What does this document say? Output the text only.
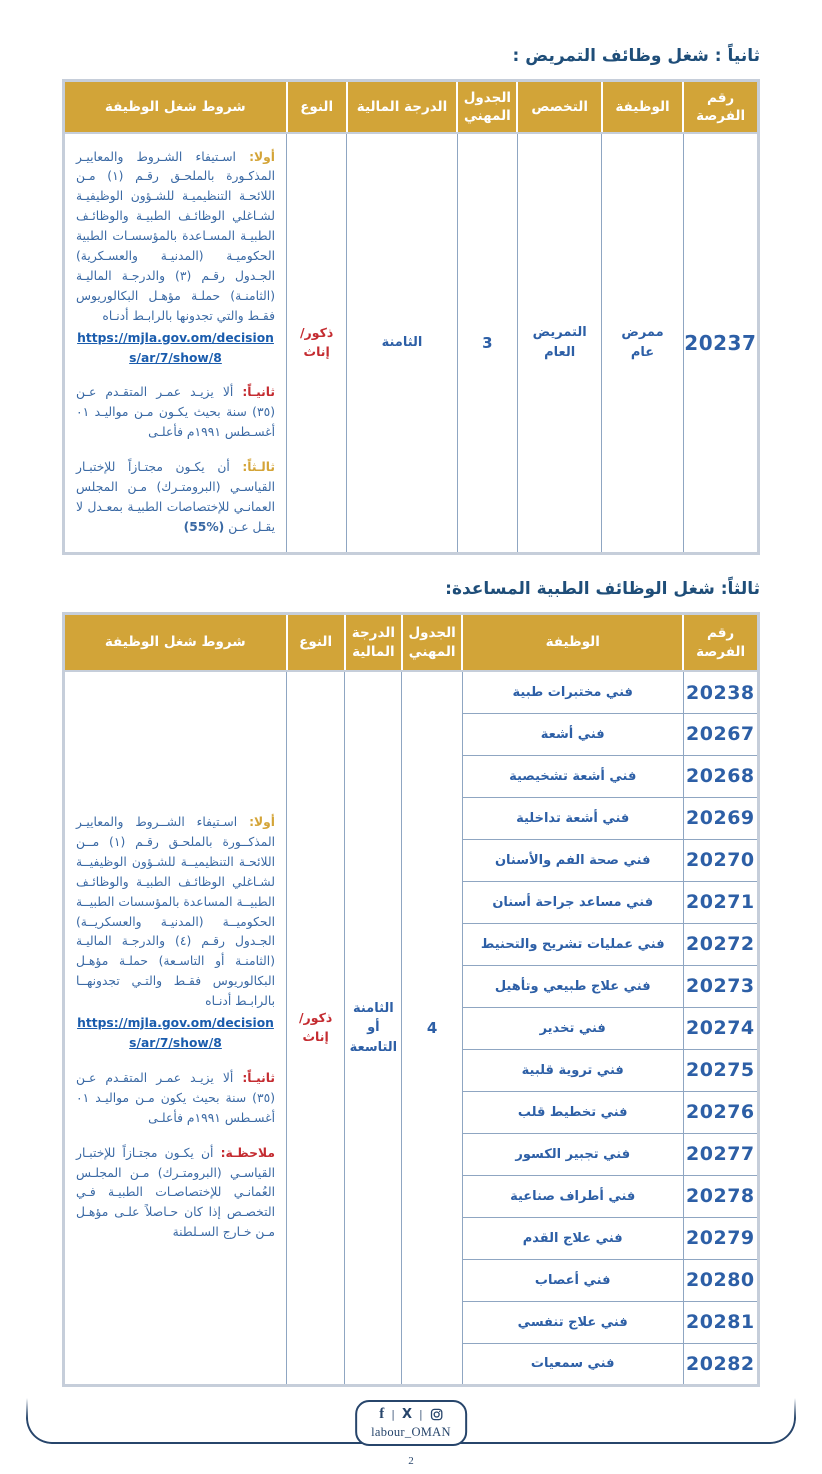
ثانياً : شغل وظائف التمريض :
رقم الفرصة	الوظيفة	التخصص	الجدول المهني	الدرجة المالية	النوع	شروط شغل الوظيفة
20237	ممرض عام	التمريض العام	3	الثامنة	ذكور/ إناث	أولا: اسـتيفاء الشـروط والمعاييـر المذكـورة بالملحـق رقـم (١) مـن اللائحـة التنظيميـة للشـؤون الوظيفيـة لشـاغلي الوظائـف الطبيـة والوظائـف الطبيـة المسـاعدة بالمؤسسـات الطبية الحكوميـة (المدنيـة والعسـكرية) الجـدول رقـم (٣) والدرجـة الماليـة (الثامنـة) حملـة مؤهـل البكالوريوس فقـط والتي تجدونها بالرابـط أدنـاه
https://mjla.gov.om/decisions/ar/7/show/8

ثانيـاً: ألا يزيـد عمـر المتقـدم عـن (٣٥) سنة بحيث يكـون مـن مواليـد ٠١ أغسـطس ١٩٩١م فأعلـى

ثالـثاً: أن يكـون مجتـازاً للإختبـار القياسـي (البرومتـرك) مـن المجلس العمانـي للإختصاصات الطبيـة بمعـدل لا يقـل عـن (55%)

ثالثاً: شغل الوظائف الطبية المساعدة:
رقم الفرصة	الوظيفة	الجدول المهني	الدرجة المالية	النوع	شروط شغل الوظيفة
20238	فني مختبرات طبية	4	الثامنة أو التاسعة	ذكور/ إناث	أولا: اسـتيفاء الشــروط والمعاييـر المذكــورة بالملحـق رقـم (١) مــن اللائحـة التنظيميــة للشـؤون الوظيفيــة لشـاغلي الوظائـف الطبيـة والوظائـف الطبيــة المساعدة بالمؤسسات الطبيــة الحكوميــة (المدنيـة والعسكريــة) الجـدول رقـم (٤) والدرجـة الماليـة (الثامنـة أو التاسـعة) حملـة مؤهـل البكالوريوس فقـط والتـي تجدونهــا بالرابـط أدنـاه
https://mjla.gov.om/decisions/ar/7/show/8

ثانيـاً: ألا يزيـد عمـر المتقـدم عـن (٣٥) سنة بحيث يكون مـن مواليـد ٠١ أغسـطس ١٩٩١م فأعلـى

ملاحظـة: أن يكـون مجتـازاً للإختبـار القياسـي (البرومتـرك) مـن المجلـس العُمانـي للإختصاصـات الطبيـة فـي التخصـص إذا كان حـاصلاً علـى مؤهـل مـن خـارج السـلطنة

20267	فني أشعة				
20268	فني أشعة تشخيصية				
20269	فني أشعة تداخلية				
20270	فني صحة الفم والأسنان				
20271	فني مساعد جراحة أسنان				
20272	فني عمليات تشريح والتحنيط				
20273	فني علاج طبيعي وتأهيل				
20274	فني تخدير				
20275	فني تروية قلبية				
20276	فني تخطيط قلب				
20277	فني تجبير الكسور				
20278	فني أطراف صناعية				
20279	فني علاج القدم				
20280	فني أعصاب				
20281	فني علاج تنفسي				
20282	فني سمعيات				
f | X |
labour_OMAN
2
